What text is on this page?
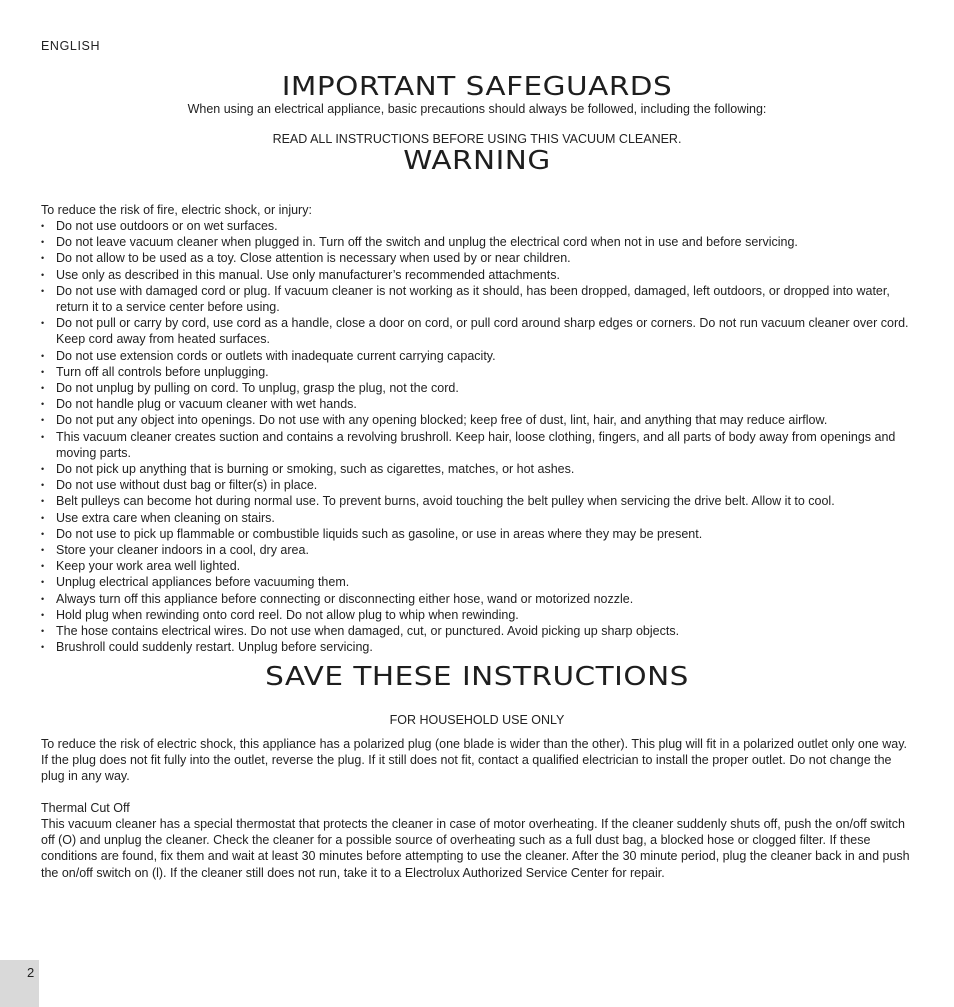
ENGLISH
IMPORTANT SAFEGUARDS
When using an electrical appliance, basic precautions should always be followed, including the following:
READ ALL INSTRUCTIONS BEFORE USING THIS VACUUM CLEANER.
WARNING
To reduce the risk of fire, electric shock, or injury:
• Do not use outdoors or on wet surfaces.
• Do not leave vacuum cleaner when plugged in. Turn off the switch and unplug the electrical cord when not in use and before servicing.
• Do not allow to be used as a toy. Close attention is necessary when used by or near children.
• Use only as described in this manual. Use only manufacturer’s recommended attachments.
• Do not use with damaged cord or plug. If vacuum cleaner is not working as it should, has been dropped, damaged, left outdoors, or dropped into water, return it to a service center before using.
• Do not pull or carry by cord, use cord as a handle, close a door on cord, or pull cord around sharp edges or corners. Do not run vacuum cleaner over cord. Keep cord away from heated surfaces.
• Do not use extension cords or outlets with inadequate current carrying capacity.
• Turn off all controls before unplugging.
• Do not unplug by pulling on cord. To unplug, grasp the plug, not the cord.
• Do not handle plug or vacuum cleaner with wet hands.
• Do not put any object into openings. Do not use with any opening blocked; keep free of dust, lint, hair, and anything that may reduce airflow.
• This vacuum cleaner creates suction and contains a revolving brushroll. Keep hair, loose clothing, fingers, and all parts of body away from openings and moving parts.
• Do not pick up anything that is burning or smoking, such as cigarettes, matches, or hot ashes.
• Do not use without dust bag or filter(s) in place.
• Belt pulleys can become hot during normal use. To prevent burns, avoid touching the belt pulley when servicing the drive belt. Allow it to cool.
• Use extra care when cleaning on stairs.
• Do not use to pick up flammable or combustible liquids such as gasoline, or use in areas where they may be present.
• Store your cleaner indoors in a cool, dry area.
• Keep your work area well lighted.
• Unplug electrical appliances before vacuuming them.
• Always turn off this appliance before connecting or disconnecting either hose, wand or motorized nozzle.
• Hold plug when rewinding onto cord reel. Do not allow plug to whip when rewinding.
• The hose contains electrical wires. Do not use when damaged, cut, or punctured. Avoid picking up sharp objects.
• Brushroll could suddenly restart. Unplug before servicing.
SAVE THESE INSTRUCTIONS
FOR HOUSEHOLD USE ONLY
To reduce the risk of electric shock, this appliance has a polarized plug (one blade is wider than the other). This plug will fit in a polarized outlet only one way. If the plug does not fit fully into the outlet, reverse the plug. If it still does not fit, contact a qualified electrician to install the proper outlet. Do not change the plug in any way.
Thermal Cut Off
This vacuum cleaner has a special thermostat that protects the cleaner in case of motor overheating. If the cleaner suddenly shuts off, push the on/off switch off (O) and unplug the cleaner. Check the cleaner for a possible source of overheating such as a full dust bag, a blocked hose or clogged filter. If these conditions are found, fix them and wait at least 30 minutes before attempting to use the cleaner. After the 30 minute period, plug the cleaner back in and push the on/off switch on (l). If the cleaner still does not run, take it to a Electrolux Authorized Service Center for repair.
2
